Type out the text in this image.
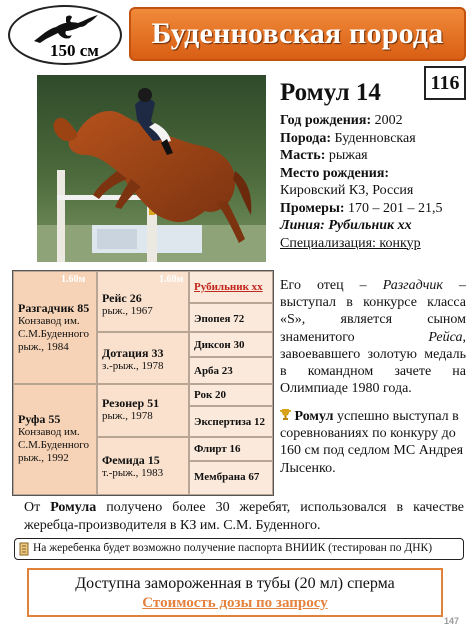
150 см
Буденновская порода
Ромул 14	116
Год рождения: 2002
Порода: Буденновская
Масть: рыжая
Место рождения:
Кировский КЗ, Россия
Промеры: 170 – 201 – 21,5
Линия: Рубильник хх
Специализация: конкур
Разгадчик 85
Конзавод им.
С.М.Буденного
рыж., 1984
1.60м
Руфа 55
Конзавод им.
С.М.Буденного
рыж., 1992
Рейс 26
рыж., 1967
1.60м
Дотация 33
з.-рыж., 1978
Резонер 51
рыж., 1978
Фемида 15
т.-рыж., 1983
Рубильник хх
Эпопея 72
Диксон 30
Арба 23
Рок 20
Экспертиза 12
Флирт 16
Мембрана 67
Его отец – Разгадчик – выступал в конкурсе класса «S», является сыном знаменитого Рейса, завоевавшего золотую медаль в командном зачете на Олимпиаде 1980 года.
Ромул успешно выступал в соревнованиях по конкуру до 160 см под седлом МС Андрея Лысенко.
От Ромула получено более 30 жеребят, использовался в качестве жеребца-производителя в КЗ им. С.М. Буденного.
На жеребенка будет возможно получение паспорта ВНИИК (тестирован по ДНК)
Доступна замороженная в тубы (20 мл) сперма
Стоимость дозы по запросу
147
